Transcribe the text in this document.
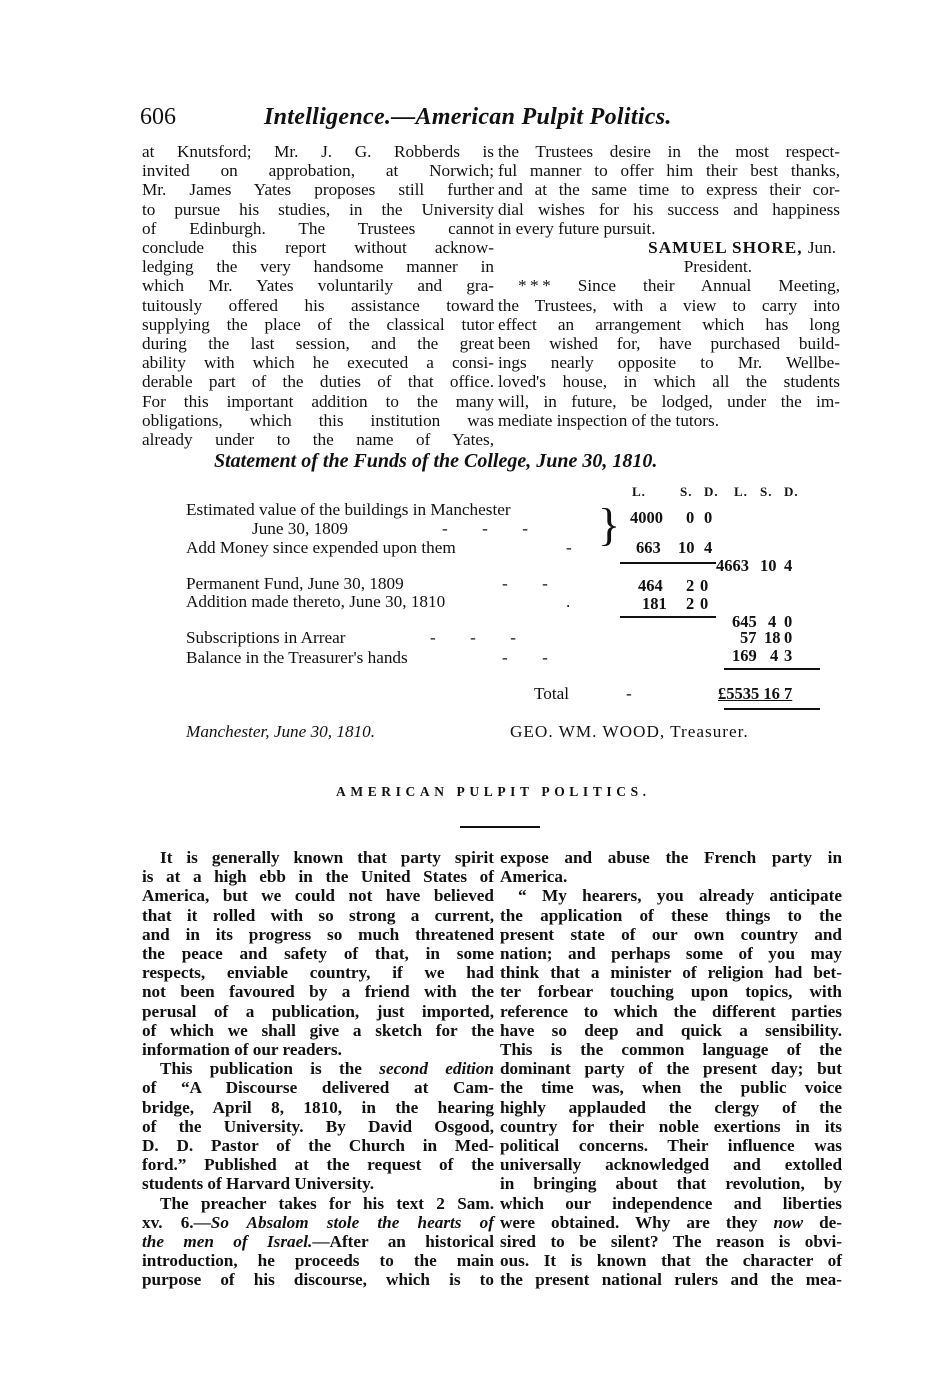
606	Intelligence.—American Pulpit Politics.
at Knutsford; Mr. J. G. Robberds is
invited on approbation, at Norwich;
Mr. James Yates proposes still further
to pursue his studies, in the University
of Edinburgh. The Trustees cannot
conclude this report without acknow-
ledging the very handsome manner in
which Mr. Yates voluntarily and gra-
tuitously offered his assistance toward
supplying the place of the classical tutor
during the last session, and the great
ability with which he executed a consi-
derable part of the duties of that office.
For this important addition to the many
obligations, which this institution was
already under to the name of Yates,
the Trustees desire in the most respect-
ful manner to offer him their best thanks,
and at the same time to express their cor-
dial wishes for his success and happiness
in every future pursuit.
SAMUEL SHORE, Jun.
President.
* * * Since their Annual Meeting,
the Trustees, with a view to carry into
effect an arrangement which has long
been wished for, have purchased build-
ings nearly opposite to Mr. Wellbe-
loved's house, in which all the students
will, in future, be lodged, under the im-
mediate inspection of the tutors.
Statement of the Funds of the College, June 30, 1810.
L.	S. D. L. S. D.
Estimated value of the buildings in Manchester
June 30, 1809	-        -        - } 4000 0 0
Add Money since expended upon them	-	663 10 4
4663 10 4
Permanent Fund, June 30, 1809	-        -	464 2 0
Addition made thereto, June 30, 1810	.	181 2 0
645 4 0
Subscriptions in Arrear	-        -        -	57 18 0
Balance in the Treasurer's hands	-        -	169 4 3
Total	-	£5535 16 7
Manchester, June 30, 1810.	GEO. WM. WOOD, Treasurer.
AMERICAN PULPIT POLITICS.
It is generally known that party spirit
is at a high ebb in the United States of
America, but we could not have believed
that it rolled with so strong a current,
and in its progress so much threatened
the peace and safety of that, in some
respects, enviable country, if we had
not been favoured by a friend with the
perusal of a publication, just imported,
of which we shall give a sketch for the
information of our readers.
This publication is the second edition
of “A Discourse delivered at Cam-
bridge, April 8, 1810, in the hearing
of the University. By David Osgood,
D. D. Pastor of the Church in Med-
ford.” Published at the request of the
students of Harvard University.
The preacher takes for his text 2 Sam.
xv. 6.—So Absalom stole the hearts of
the men of Israel.—After an historical
introduction, he proceeds to the main
purpose of his discourse, which is to
expose and abuse the French party in
America.
“ My hearers, you already anticipate
the application of these things to the
present state of our own country and
nation; and perhaps some of you may
think that a minister of religion had bet-
ter forbear touching upon topics, with
reference to which the different parties
have so deep and quick a sensibility.
This is the common language of the
dominant party of the present day; but
the time was, when the public voice
highly applauded the clergy of the
country for their noble exertions in its
political concerns. Their influence was
universally acknowledged and extolled
in bringing about that revolution, by
which our independence and liberties
were obtained. Why are they now de-
sired to be silent? The reason is obvi-
ous. It is known that the character of
the present national rulers and the mea-
